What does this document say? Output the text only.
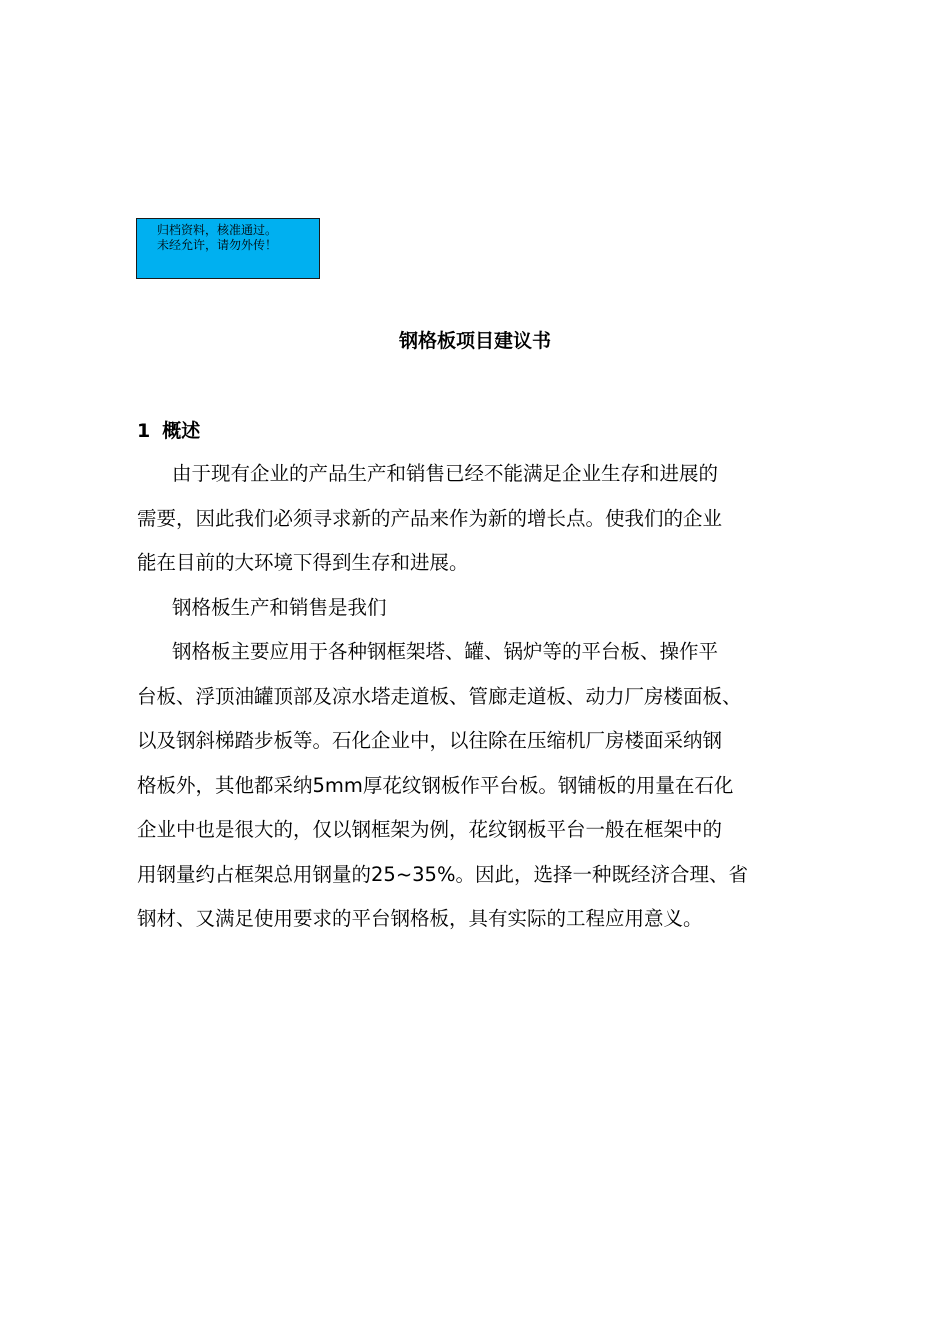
归档资料，核准通过。
未经允许，请勿外传！
钢格板项目建议书
1 概述
由于现有企业的产品生产和销售已经不能满足企业生存和进展的
需要，因此我们必须寻求新的产品来作为新的增长点。使我们的企业
能在目前的大环境下得到生存和进展。
钢格板生产和销售是我们
钢格板主要应用于各种钢框架塔、罐、锅炉等的平台板、操作平
台板、浮顶油罐顶部及凉水塔走道板、管廊走道板、动力厂房楼面板、
以及钢斜梯踏步板等。石化企业中，以往除在压缩机厂房楼面采纳钢
格板外，其他都采纳5mm厚花纹钢板作平台板。钢铺板的用量在石化
企业中也是很大的，仅以钢框架为例，花纹钢板平台一般在框架中的
用钢量约占框架总用钢量的25~35%。因此，选择一种既经济合理、省
钢材、又满足使用要求的平台钢格板，具有实际的工程应用意义。
